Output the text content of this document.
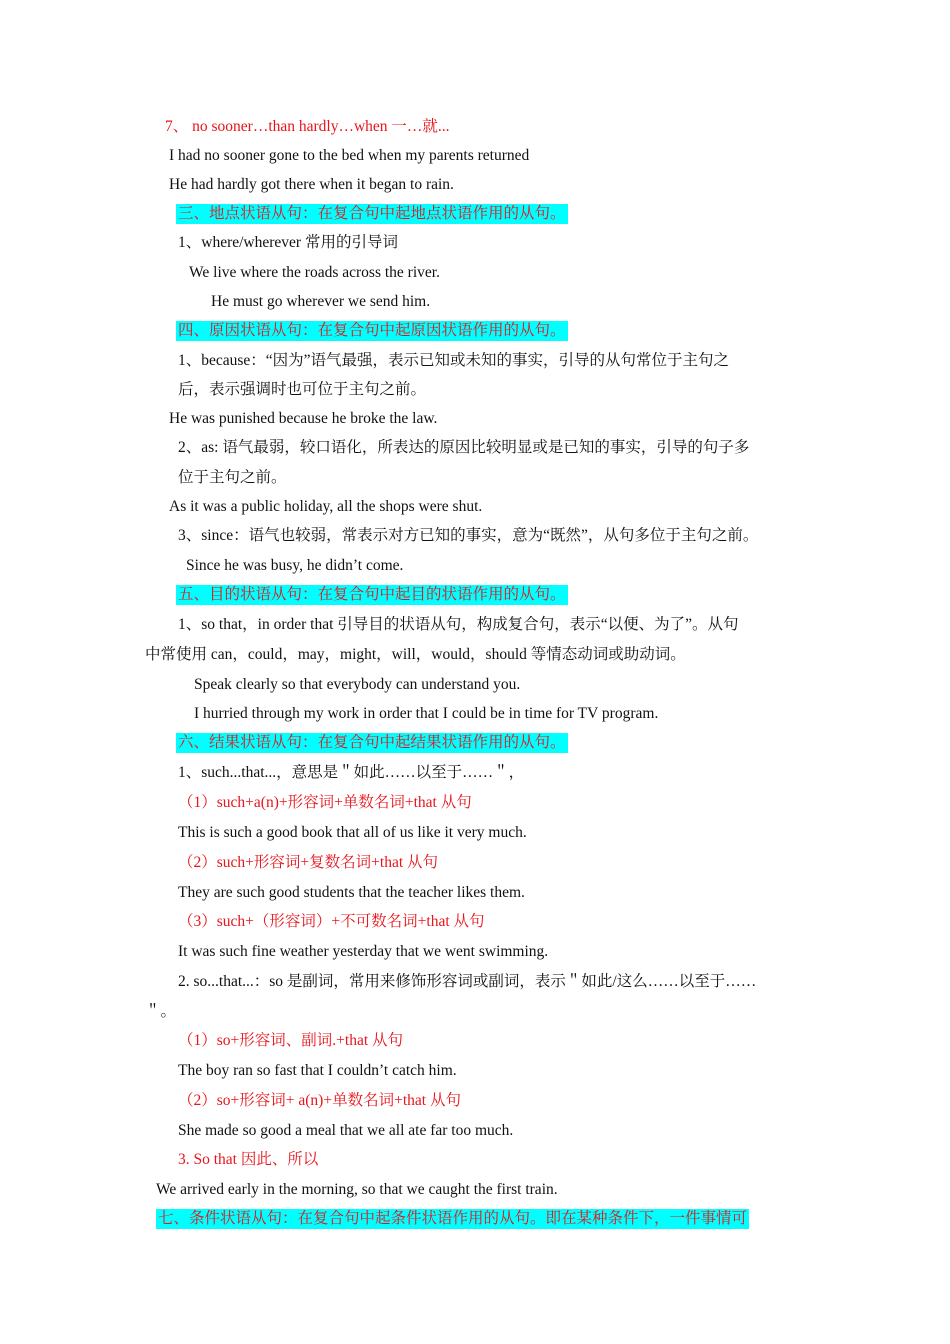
7、 no sooner…than hardly…when 一…就...
I had no sooner gone to the bed when my parents returned
He had hardly got there when it began to rain.
三、地点状语从句：在复合句中起地点状语作用的从句。
1、where/wherever 常用的引导词
We live where the roads across the river.
He must go wherever we send him.
四、原因状语从句：在复合句中起原因状语作用的从句。
1、because：“因为”语气最强，表示已知或未知的事实，引导的从句常位于主句之
后，表示强调时也可位于主句之前。
He was punished because he broke the law.
2、as: 语气最弱，较口语化，所表达的原因比较明显或是已知的事实，引导的句子多
位于主句之前。
As it was a public holiday, all the shops were shut.
3、since：语气也较弱，常表示对方已知的事实，意为“既然”，从句多位于主句之前。
Since he was busy, he didn’t come.
五、目的状语从句：在复合句中起目的状语作用的从句。
1、so that，in order that 引导目的状语从句，构成复合句，表示“以便、为了”。从句
中常使用 can，could，may，might，will，would，should 等情态动词或助动词。
Speak clearly so that everybody can understand you.
I hurried through my work in order that I could be in time for TV program.
六、结果状语从句：在复合句中起结果状语作用的从句。
1、such...that...，意思是＂如此……以至于……＂，
（1）such+a(n)+形容词+单数名词+that 从句
This is such a good book that all of us like it very much.
（2）such+形容词+复数名词+that 从句
They are such good students that the teacher likes them.
（3）such+（形容词）+不可数名词+that 从句
It was such fine weather yesterday that we went swimming.
2. so...that...：so 是副词，常用来修饰形容词或副词，表示＂如此/这么……以至于……
＂。
（1）so+形容词、副词.+that 从句
The boy ran so fast that I couldn’t catch him.
（2）so+形容词+ a(n)+单数名词+that 从句
She made so good a meal that we all ate far too much.
3. So that 因此、所以
We arrived early in the morning, so that we caught the first train.
七、条件状语从句：在复合句中起条件状语作用的从句。即在某种条件下，一件事情可
